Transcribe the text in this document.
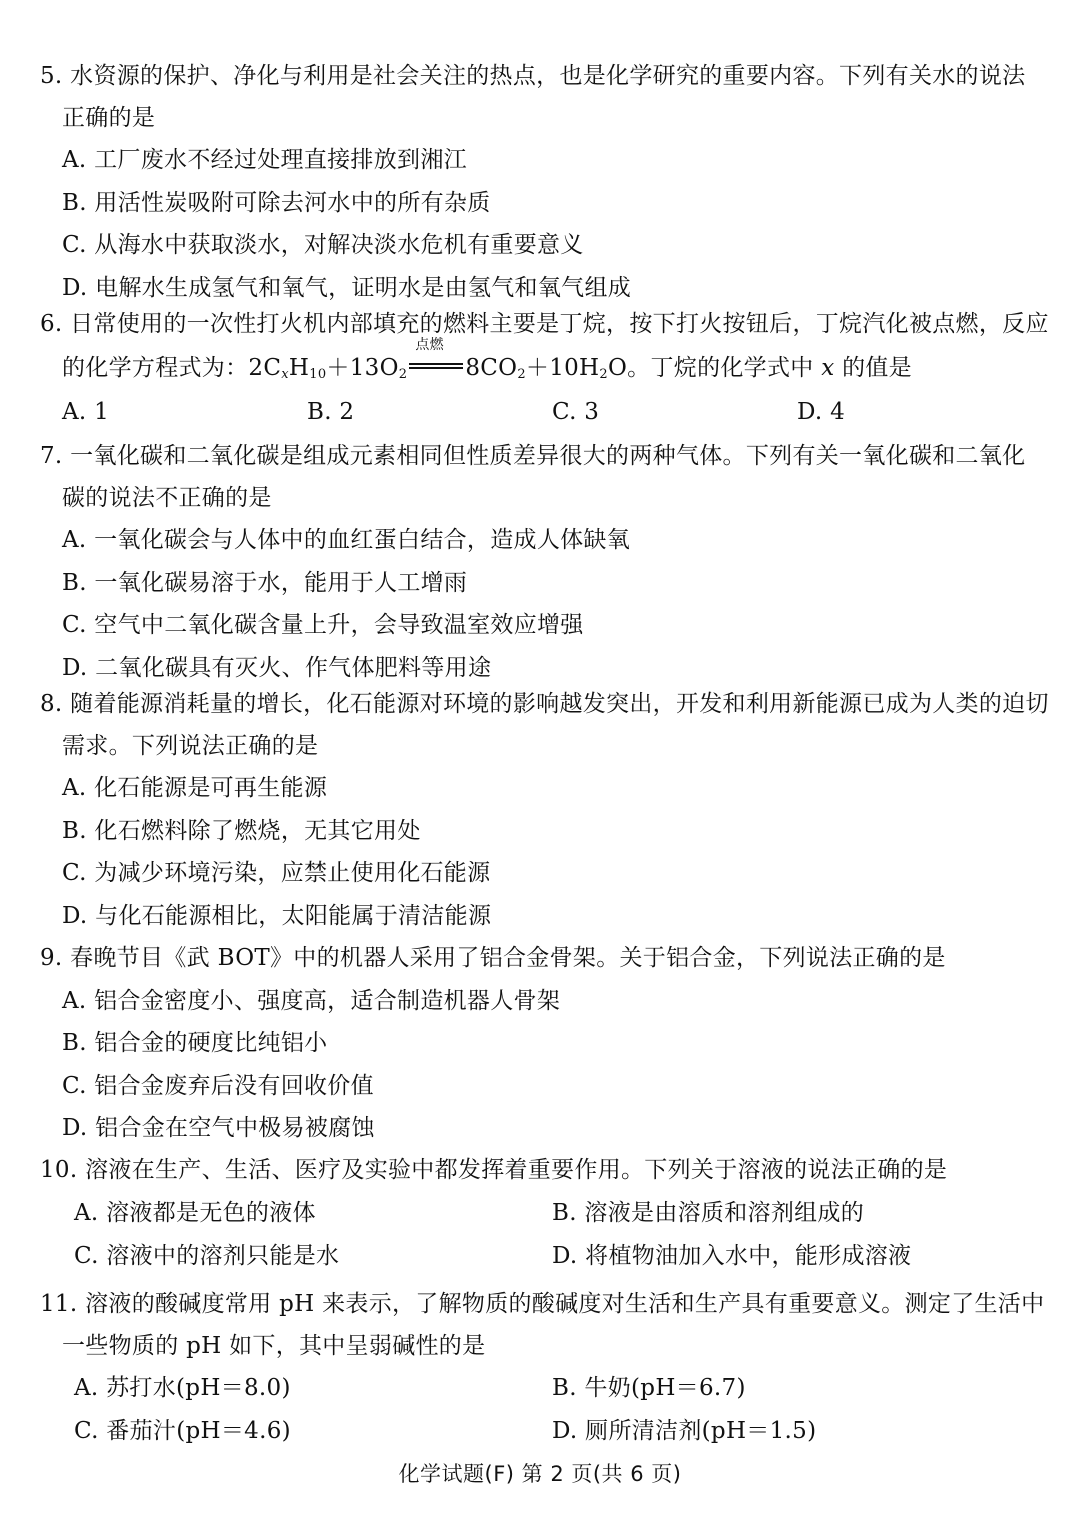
5. 水资源的保护、净化与利用是社会关注的热点，也是化学研究的重要内容。下列有关水的说法
正确的是
A. 工厂废水不经过处理直接排放到湘江
B. 用活性炭吸附可除去河水中的所有杂质
C. 从海水中获取淡水，对解决淡水危机有重要意义
D. 电解水生成氢气和氧气，证明水是由氢气和氧气组成
6. 日常使用的一次性打火机内部填充的燃料主要是丁烷，按下打火按钮后，丁烷汽化被点燃，反应
的化学方程式为：$2C_xH_{10}+13O_2$
点燃
$8CO_2+10H_2O$。丁烷的化学式中 x 的值是
A. 1	B. 2	C. 3	D. 4
7. 一氧化碳和二氧化碳是组成元素相同但性质差异很大的两种气体。下列有关一氧化碳和二氧化
碳的说法不正确的是
A. 一氧化碳会与人体中的血红蛋白结合，造成人体缺氧
B. 一氧化碳易溶于水，能用于人工增雨
C. 空气中二氧化碳含量上升，会导致温室效应增强
D. 二氧化碳具有灭火、作气体肥料等用途
8. 随着能源消耗量的增长，化石能源对环境的影响越发突出，开发和利用新能源已成为人类的迫切
需求。下列说法正确的是
A. 化石能源是可再生能源
B. 化石燃料除了燃烧，无其它用处
C. 为减少环境污染，应禁止使用化石能源
D. 与化石能源相比，太阳能属于清洁能源
9. 春晚节目《武 BOT》中的机器人采用了铝合金骨架。关于铝合金，下列说法正确的是
A. 铝合金密度小、强度高，适合制造机器人骨架
B. 铝合金的硬度比纯铝小
C. 铝合金废弃后没有回收价值
D. 铝合金在空气中极易被腐蚀
10. 溶液在生产、生活、医疗及实验中都发挥着重要作用。下列关于溶液的说法正确的是
A. 溶液都是无色的液体	B. 溶液是由溶质和溶剂组成的
C. 溶液中的溶剂只能是水	D. 将植物油加入水中，能形成溶液
11. 溶液的酸碱度常用 pH 来表示，了解物质的酸碱度对生活和生产具有重要意义。测定了生活中
一些物质的 pH 如下，其中呈弱碱性的是
A. 苏打水(pH＝8.0)	B. 牛奶(pH＝6.7)
C. 番茄汁(pH＝4.6)	D. 厕所清洁剂(pH＝1.5)
化学试题(F) 第 2 页(共 6 页)
